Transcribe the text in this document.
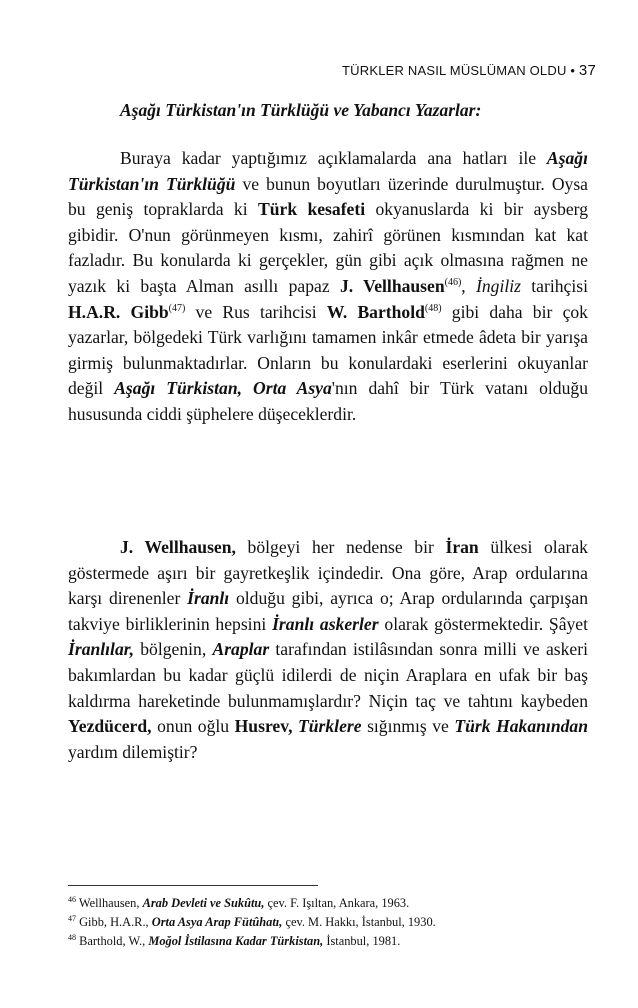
TÜRKLER NASIL MÜSLÜMAN OLDU • 37
Aşağı Türkistan'ın Türklüğü ve Yabancı Yazarlar:

Buraya kadar yaptığımız açıklamalarda ana hatları ile Aşağı Türkistan'ın Türklüğü ve bunun boyutları üzerinde durulmuştur. Oysa bu geniş topraklarda ki Türk kesafeti okyanuslarda ki bir aysberg gibidir. O'nun görünmeyen kısmı, zahirî görünen kısmından kat kat fazladır. Bu konularda ki gerçekler, gün gibi açık olmasına rağmen ne yazık ki başta Alman asıllı papaz J. Vellhausen$^{(46)}$, İngiliz tarihçisi H.A.R. Gibb$^{(47)}$ ve Rus tarihcisi W. Barthold$^{(48)}$ gibi daha bir çok yazarlar, bölgedeki Türk varlığını tamamen inkâr etmede âdeta bir yarışa girmiş bulunmaktadırlar. Onların bu konulardaki eserlerini okuyanlar değil Aşağı Türkistan, Orta Asya'nın dahî bir Türk vatanı olduğu hususunda ciddi şüphelere düşeceklerdir.

J. Wellhausen, bölgeyi her nedense bir İran ülkesi olarak göstermede aşırı bir gayretkeşlik içindedir. Ona göre, Arap ordularına karşı direnenler İranlı olduğu gibi, ayrıca o; Arap ordularında çarpışan takviye birliklerinin hepsini İranlı askerler olarak göstermektedir. Şâyet İranlılar, bölgenin, Araplar tarafından istilâsından sonra milli ve askeri bakımlardan bu kadar güçlü idilerdi de niçin Araplara en ufak bir baş kaldırma hareketinde bulunmamışlardır? Niçin taç ve tahtını kaybeden Yezdücerd, onun oğlu Husrev, Türklere sığınmış ve Türk Hakanından yardım dilemiştir?

$^{46}$ Wellhausen, Arab Devleti ve Sukûtu, çev. F. Işıltan, Ankara, 1963.
$^{47}$ Gibb, H.A.R., Orta Asya Arap Fütûhatı, çev. M. Hakkı, İstanbul, 1930.
$^{48}$ Barthold, W., Moğol İstilasına Kadar Türkistan, İstanbul, 1981.
